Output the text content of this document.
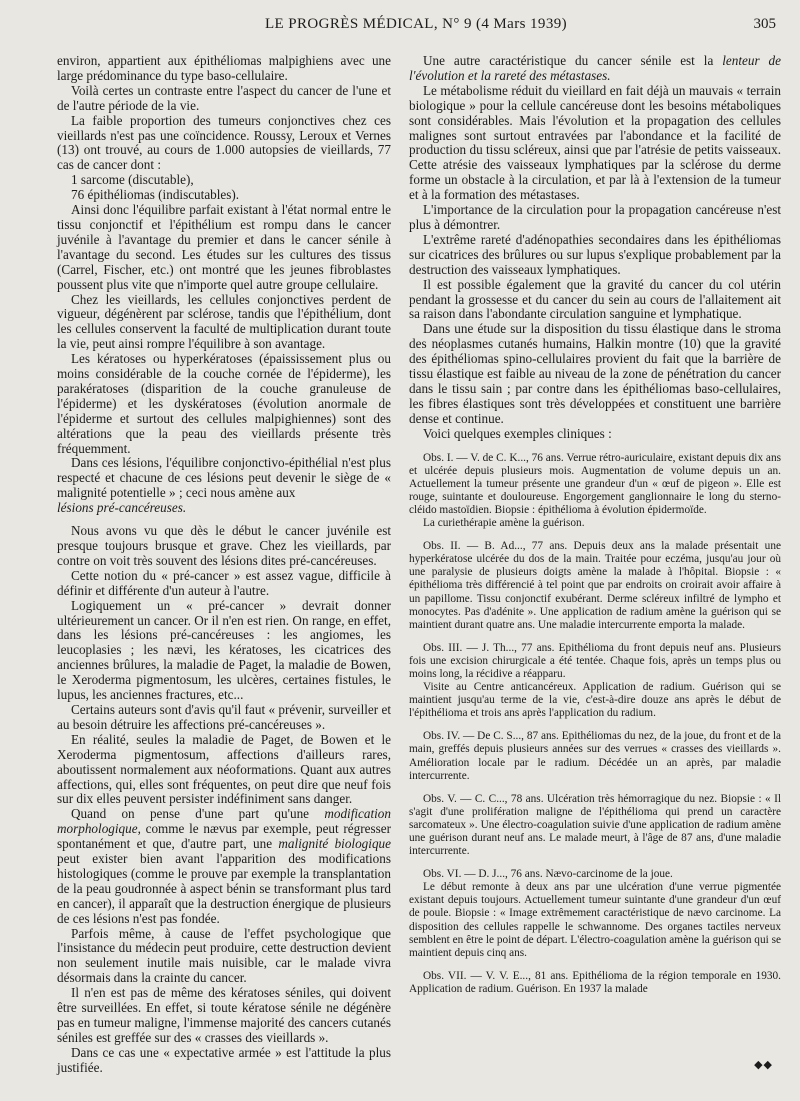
LE PROGRÈS MÉDICAL, N° 9 (4 Mars 1939)	305

environ, appartient aux épithéliomas malpighiens avec une large prédominance du type baso-cellulaire.

Voilà certes un contraste entre l'aspect du cancer de l'une et de l'autre période de la vie.

La faible proportion des tumeurs conjonctives chez ces vieillards n'est pas une coïncidence. Roussy, Leroux et Vernes (13) ont trouvé, au cours de 1.000 autopsies de vieillards, 77 cas de cancer dont :

1 sarcome (discutable),

76 épithéliomas (indiscutables).

Ainsi donc l'équilibre parfait existant à l'état normal entre le tissu conjonctif et l'épithélium est rompu dans le cancer juvénile à l'avantage du premier et dans le cancer sénile à l'avantage du second. Les études sur les cultures des tissus (Carrel, Fischer, etc.) ont montré que les jeunes fibroblastes poussent plus vite que n'importe quel autre groupe cellulaire.

Chez les vieillards, les cellules conjonctives perdent de vigueur, dégénèrent par sclérose, tandis que l'épithélium, dont les cellules conservent la faculté de multiplication durant toute la vie, peut ainsi rompre l'équilibre à son avantage.

Les kératoses ou hyperkératoses (épaississement plus ou moins considérable de la couche cornée de l'épiderme), les parakératoses (disparition de la couche granuleuse de l'épiderme) et les dyskératoses (évolution anormale de l'épiderme et surtout des cellules malpighiennes) sont des altérations que la peau des vieillards présente très fréquemment.

Dans ces lésions, l'équilibre conjonctivo-épithélial n'est plus respecté et chacune de ces lésions peut devenir le siège de « malignité potentielle » ; ceci nous amène aux

lésions pré-cancéreuses.

Nous avons vu que dès le début le cancer juvénile est presque toujours brusque et grave. Chez les vieillards, par contre on voit très souvent des lésions dites pré-cancéreuses.

Cette notion du « pré-cancer » est assez vague, difficile à définir et différente d'un auteur à l'autre.

Logiquement un « pré-cancer » devrait donner ultérieurement un cancer. Or il n'en est rien. On range, en effet, dans les lésions pré-cancéreuses : les angiomes, les leucoplasies ; les nævi, les kératoses, les cicatrices des anciennes brûlures, la maladie de Paget, la maladie de Bowen, le Xeroderma pigmentosum, les ulcères, certaines fistules, le lupus, les anciennes fractures, etc...

Certains auteurs sont d'avis qu'il faut « prévenir, surveiller et au besoin détruire les affections pré-cancéreuses ».

En réalité, seules la maladie de Paget, de Bowen et le Xeroderma pigmentosum, affections d'ailleurs rares, aboutissent normalement aux néoformations. Quant aux autres affections, qui, elles sont fréquentes, on peut dire que neuf fois sur dix elles peuvent persister indéfiniment sans danger.

Quand on pense d'une part qu'une modification morphologique, comme le nævus par exemple, peut régresser spontanément et que, d'autre part, une malignité biologique peut exister bien avant l'apparition des modifications histologiques (comme le prouve par exemple la transplantation de la peau goudronnée à aspect bénin se transformant plus tard en cancer), il apparaît que la destruction énergique de plusieurs de ces lésions n'est pas fondée.

Parfois même, à cause de l'effet psychologique que l'insistance du médecin peut produire, cette destruction devient non seulement inutile mais nuisible, car le malade vivra désormais dans la crainte du cancer.

Il n'en est pas de même des kératoses séniles, qui doivent être surveillées. En effet, si toute kératose sénile ne dégénère pas en tumeur maligne, l'immense majorité des cancers cutanés séniles est greffée sur des « crasses des vieillards ».

Dans ce cas une « expectative armée » est l'attitude la plus justifiée.

Une autre caractéristique du cancer sénile est la lenteur de l'évolution et la rareté des métastases.

Le métabolisme réduit du vieillard en fait déjà un mauvais « terrain biologique » pour la cellule cancéreuse dont les besoins métaboliques sont considérables. Mais l'évolution et la propagation des cellules malignes sont surtout entravées par l'abondance et la facilité de production du tissu scléreux, ainsi que par l'atrésie de petits vaisseaux. Cette atrésie des vaisseaux lymphatiques par la sclérose du derme forme un obstacle à la circulation, et par là à l'extension de la tumeur et à la formation des métastases.

L'importance de la circulation pour la propagation cancéreuse n'est plus à démontrer.

L'extrême rareté d'adénopathies secondaires dans les épithéliomas sur cicatrices des brûlures ou sur lupus s'explique probablement par la destruction des vaisseaux lymphatiques.

Il est possible également que la gravité du cancer du col utérin pendant la grossesse et du cancer du sein au cours de l'allaitement ait sa raison dans l'abondante circulation sanguine et lymphatique.

Dans une étude sur la disposition du tissu élastique dans le stroma des néoplasmes cutanés humains, Halkin montre (10) que la gravité des épithéliomas spino-cellulaires provient du fait que la barrière de tissu élastique est faible au niveau de la zone de pénétration du cancer dans le tissu sain ; par contre dans les épithéliomas baso-cellulaires, les fibres élastiques sont très développées et constituent une barrière dense et continue.

Voici quelques exemples cliniques :

Obs. I. — V. de C. K..., 76 ans. Verrue rétro-auriculaire, existant depuis dix ans et ulcérée depuis plusieurs mois. Augmentation de volume depuis un an. Actuellement la tumeur présente une grandeur d'un « œuf de pigeon ». Elle est rouge, suintante et douloureuse. Engorgement ganglionnaire le long du sterno-cléido mastoïdien. Biopsie : épithélioma à évolution épidermoïde.

La curiethérapie amène la guérison.

Obs. II. — B. Ad..., 77 ans. Depuis deux ans la malade présentait une hyperkératose ulcérée du dos de la main. Traitée pour eczéma, jusqu'au jour où une paralysie de plusieurs doigts amène la malade à l'hôpital. Biopsie : « épithélioma très différencié à tel point que par endroits on croirait avoir affaire à un papillome. Tissu conjonctif exubérant. Derme scléreux infiltré de lympho et monocytes. Pas d'adénite ». Une application de radium amène la guérison qui se maintient durant quatre ans. Une maladie intercurrente emporta la malade.

Obs. III. — J. Th..., 77 ans. Epithélioma du front depuis neuf ans. Plusieurs fois une excision chirurgicale a été tentée. Chaque fois, après un temps plus ou moins long, la récidive a réapparu.

Visite au Centre anticancéreux. Application de radium. Guérison qui se maintient jusqu'au terme de la vie, c'est-à-dire douze ans après le début de l'épithélioma et trois ans après l'application du radium.

Obs. IV. — De C. S..., 87 ans. Epithéliomas du nez, de la joue, du front et de la main, greffés depuis plusieurs années sur des verrues « crasses des vieillards ». Amélioration locale par le radium. Décédée un an après, par maladie intercurrente.

Obs. V. — C. C..., 78 ans. Ulcération très hémorragique du nez. Biopsie : « Il s'agit d'une prolifération maligne de l'épithélioma qui prend un caractère sarcomateux ». Une électro-coagulation suivie d'une application de radium amène une guérison durant neuf ans. Le malade meurt, à l'âge de 87 ans, d'une maladie intercurrente.

Obs. VI. — D. J..., 76 ans. Nævo-carcinome de la joue.

Le début remonte à deux ans par une ulcération d'une verrue pigmentée existant depuis toujours. Actuellement tumeur suintante d'une grandeur d'un œuf de poule. Biopsie : « Image extrêmement caractéristique de nævo carcinome. La disposition des cellules rappelle le schwannome. Des organes tactiles nerveux semblent en être le point de départ. L'électro-coagulation amène la guérison qui se maintient depuis cinq ans.

Obs. VII. — V. V. E..., 81 ans. Epithélioma de la région temporale en 1930. Application de radium. Guérison. En 1937 la malade

◆◆
